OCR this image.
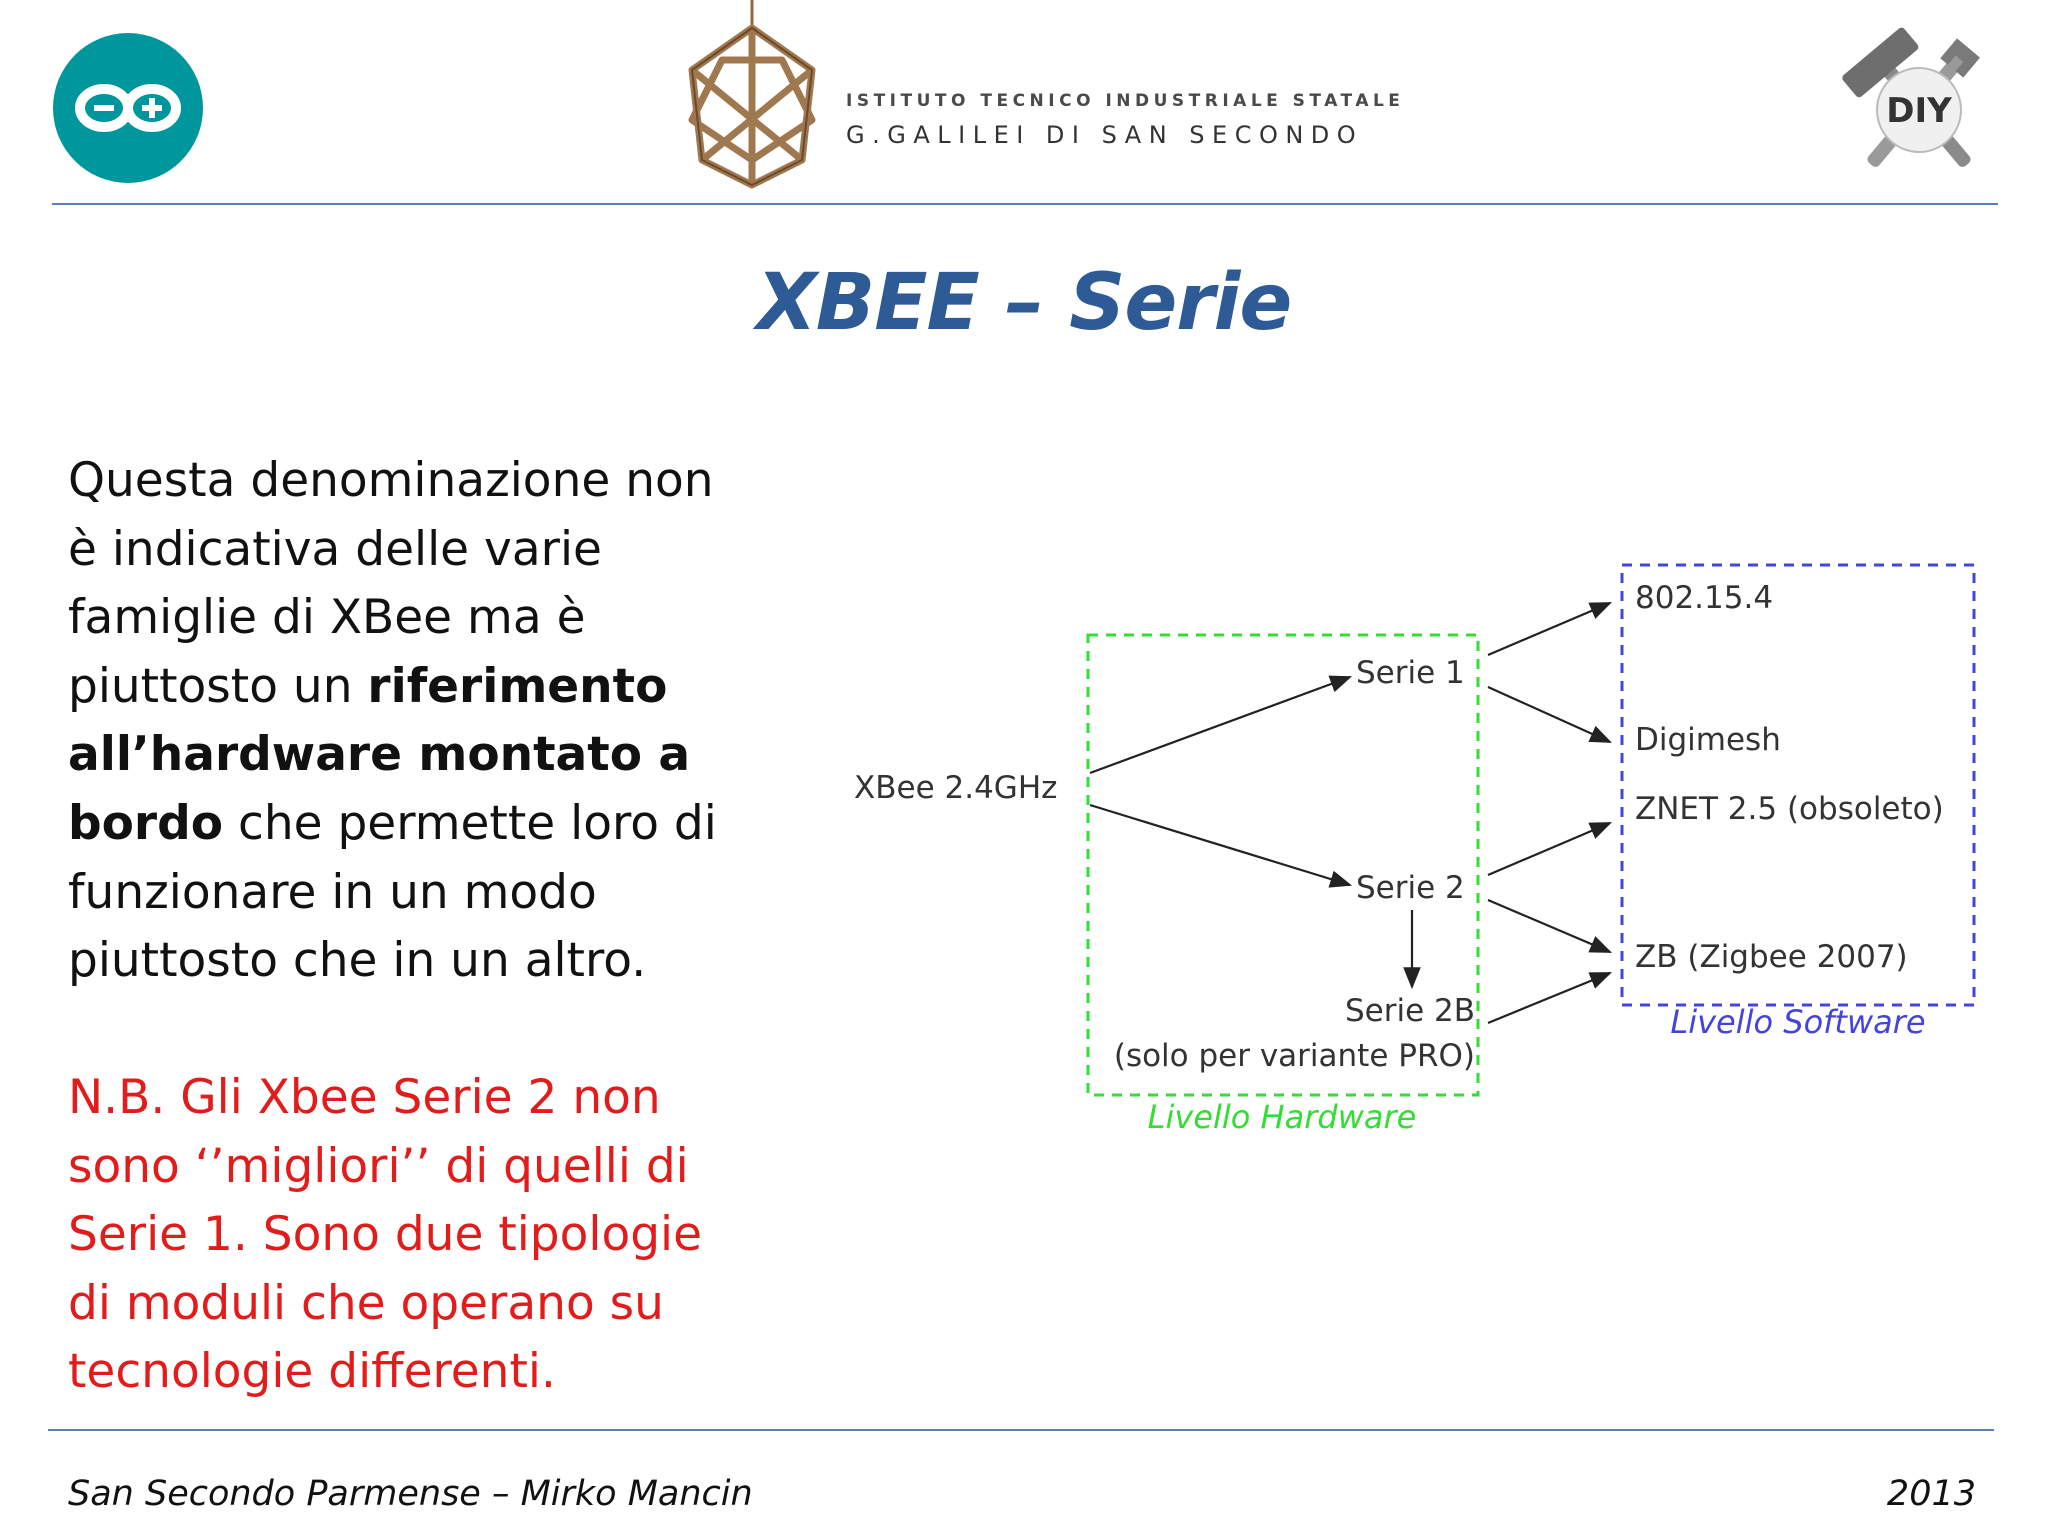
ISTITUTO TECNICO INDUSTRIALE STATALE
G.GALILEI DI SAN SECONDO
DIY
XBEE – Serie
Questa denominazione non è indicativa delle varie famiglie di XBee ma è piuttosto un riferimento all’hardware montato a bordo che permette loro di funzionare in un modo piuttosto che in un altro.
N.B. Gli Xbee Serie 2 non sono ‘’migliori’’ di quelli di Serie 1. Sono due tipologie di moduli che operano su tecnologie differenti.
XBee 2.4GHz
Serie 1
Serie 2
Serie 2B
(solo per variante PRO)
802.15.4
Digimesh
ZNET 2.5 (obsoleto)
ZB (Zigbee 2007)
Livello Hardware
Livello Software
San Secondo Parmense – Mirko Mancin	2013
